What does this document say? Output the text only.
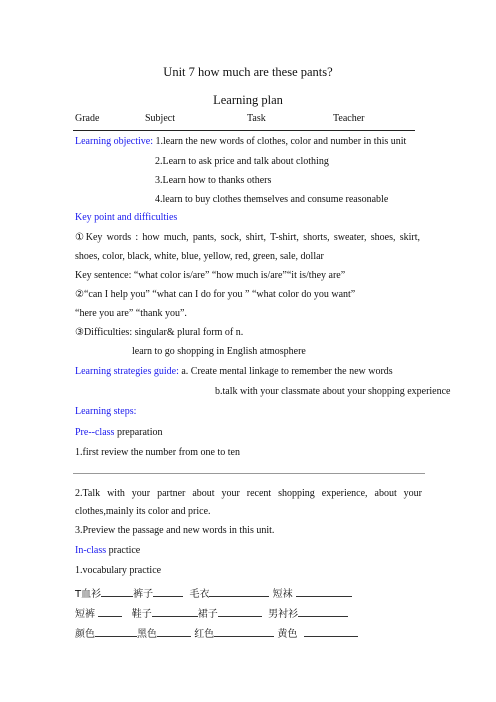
Unit 7 how much are these pants?
Learning plan
Grade	Subject	Task	Teacher
Learning objective: 1.learn the new words of clothes, color and number in this unit
2.Learn to ask price and talk about clothing
3.Learn how to thanks others
4.learn to buy clothes themselves and consume reasonable
Key point and difficulties
①Key words : how much, pants, sock, shirt, T-shirt, shorts, sweater, shoes, skirt,
shoes, color, black, white, blue, yellow, red, green, sale, dollar
Key sentence: “what color is/are” “how much is/are”“it is/they are”
②“can I help you” “what can I do for you ” “what color do you want”
“here you are” “thank you”.
③Difficulties: singular& plural form of n.
learn to go shopping in English atmosphere
Learning strategies guide: a. Create mental linkage to remember the new words
b.talk with your classmate about your shopping experience
Learning steps:
Pre--class preparation
1.first review the number from one to ten
2.Talk with your partner about your recent shopping experience, about your
clothes,mainly its color and price.
3.Preview the passage and new words in this unit.
In-class practice
1.vocabulary practice
T血衫	裤子	毛衣	短袜
短裤	鞋子	裙子	男衬衫
颜色	黑色	红色	黄色
